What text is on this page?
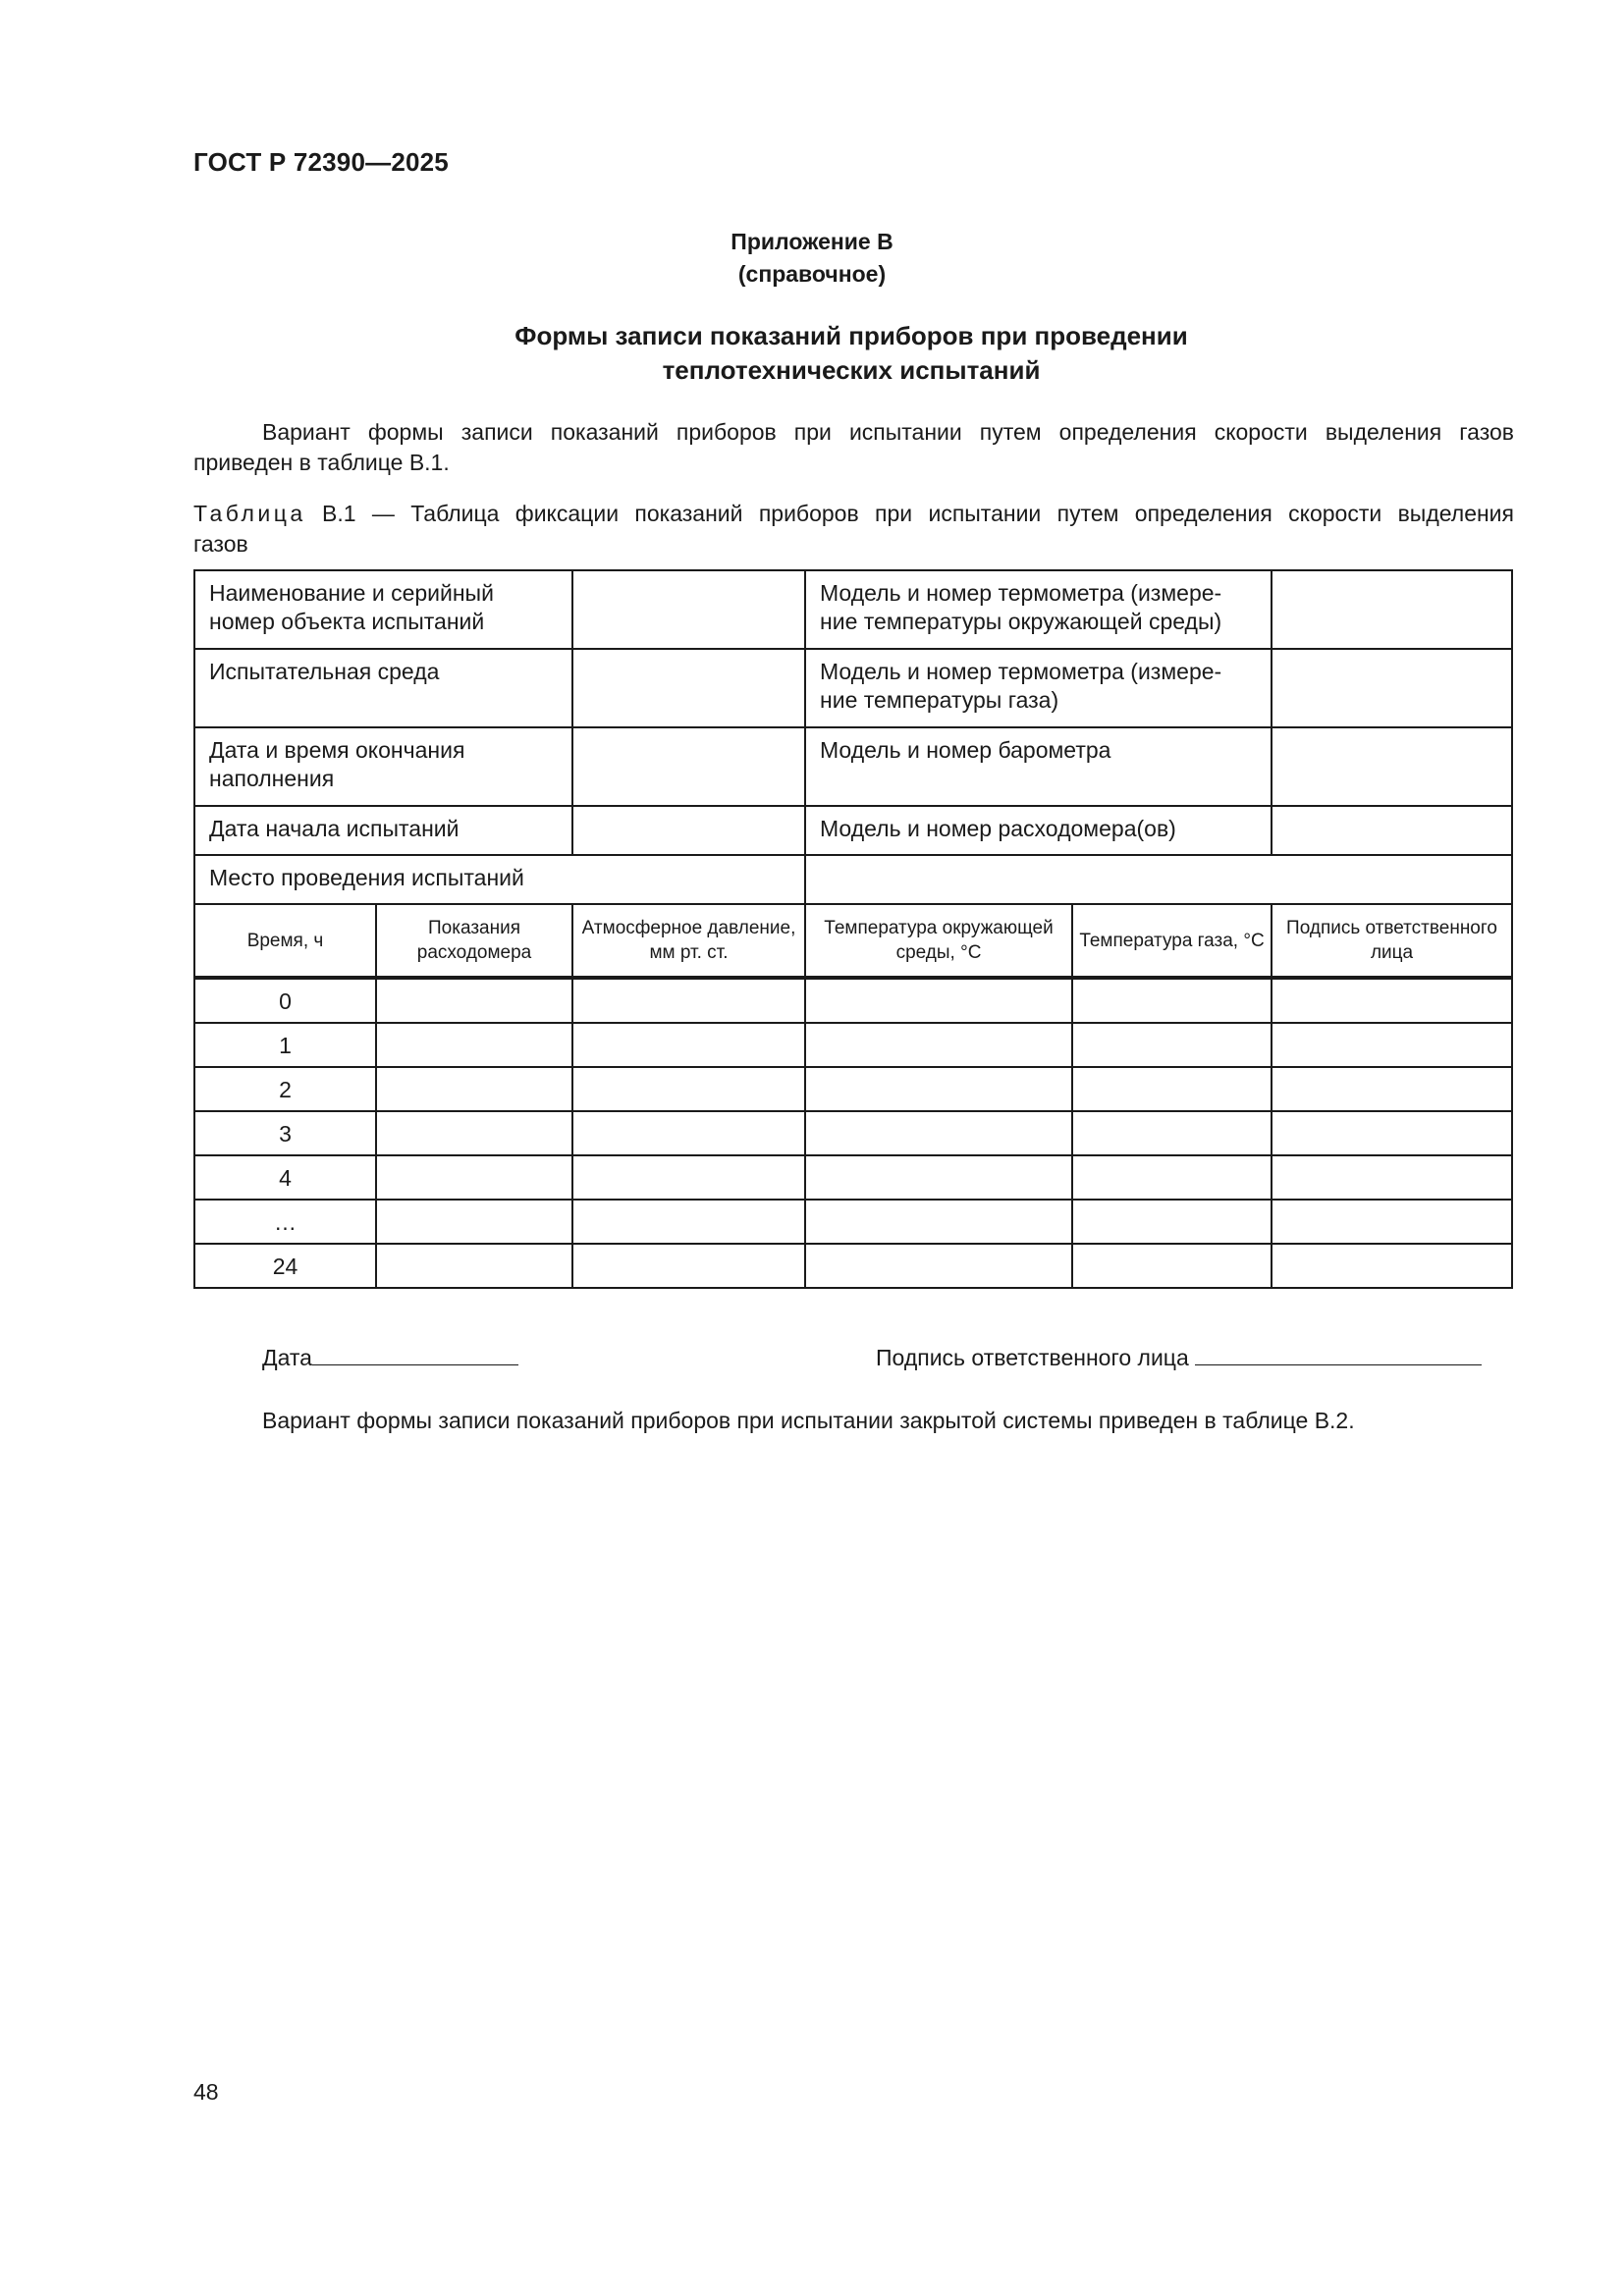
ГОСТ Р 72390—2025
Приложение В
(справочное)
Формы записи показаний приборов при проведении
теплотехнических испытаний
Вариант формы записи показаний приборов при испытании путем определения скорости выделения газов
приведен в таблице В.1.
Таблица В.1 — Таблица фиксации показаний приборов при испытании путем определения скорости выделения
газов
Наименование и серийный номер объекта испытаний			Модель и номер термометра (измере-ние температуры окружающей среды)		
Испытательная среда			Модель и номер термометра (измере-ние температуры газа)		
Дата и время окончания наполнения			Модель и номер барометра		
Дата начала испытаний			Модель и номер расходомера(ов)		
Место проведения испытаний					
Время, ч	Показания расходомера	Атмосферное давление, мм рт. ст.	Температура окружающей среды, °С	Температура газа, °С	Подпись ответственного лица

0					
1					
2					
3					
4					
…					
24					
Дата	Подпись ответственного лица
Вариант формы записи показаний приборов при испытании закрытой системы приведен в таблице В.2.
48
